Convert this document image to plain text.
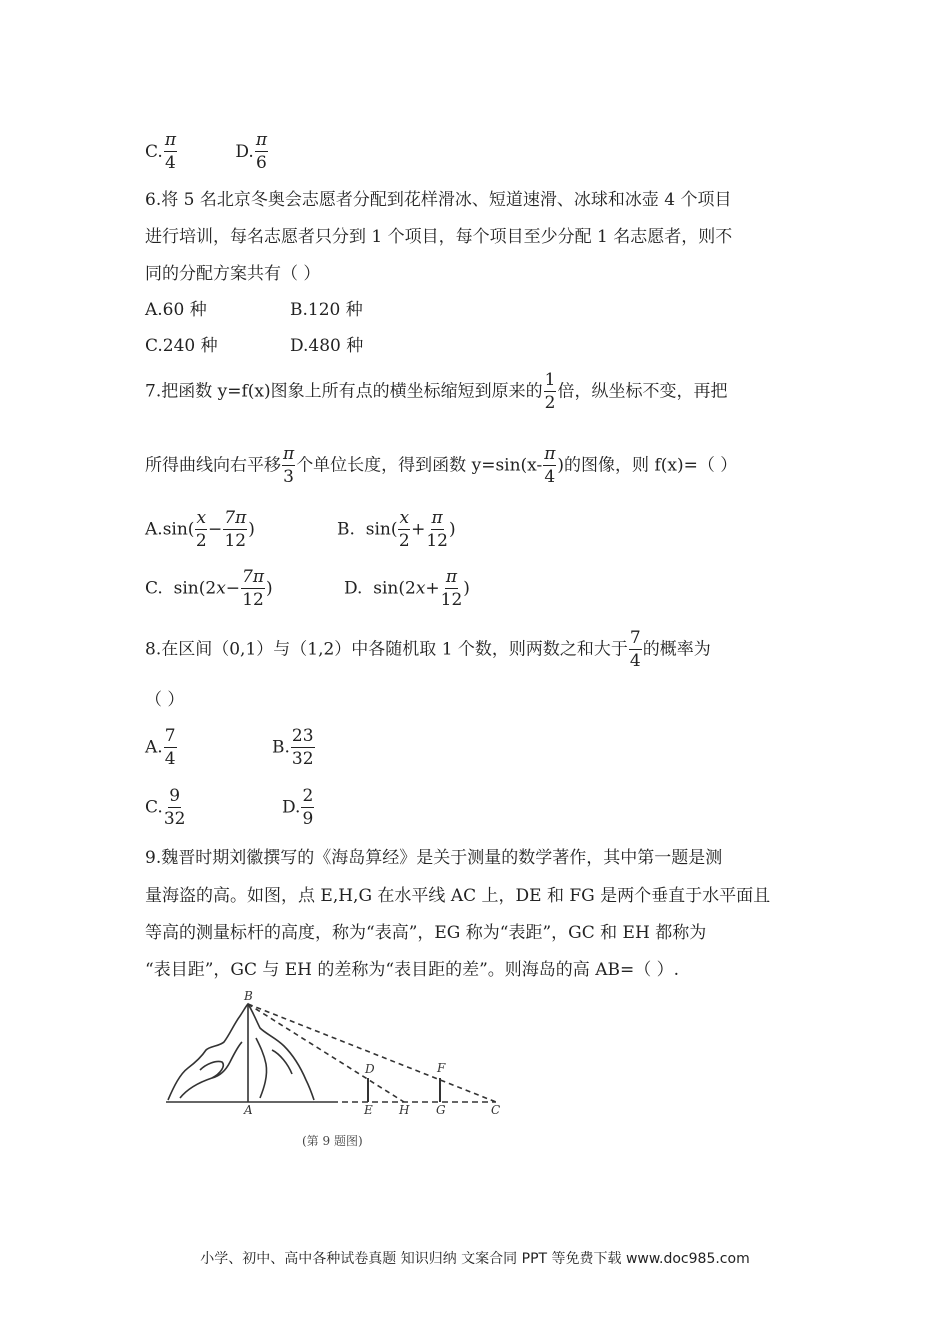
C. $\frac{\pi}{4}$	D. $\frac{\pi}{6}$
6.将 5 名北京冬奥会志愿者分配到花样滑冰、短道速滑、冰球和冰壶 4 个项目
进行培训，每名志愿者只分到 1 个项目，每个项目至少分配 1 名志愿者，则不
同的分配方案共有（ ）
A.60 种	B.120 种
C.240 种	D.480 种
7.把函数 y=f(x)图象上所有点的横坐标缩短到原来的 $\frac{1}{2}$ 倍，纵坐标不变，再把
所得曲线向右平移 $\frac{\pi}{3}$ 个单位长度，得到函数 $y=\sin(x- \frac{\pi}{4}$ )的图像，则 f(x)=（ ）
$A.\sin( \frac{x}{2} - \frac{7\pi}{12}$ )	B. $\sin( \frac{x}{2} + \frac{\pi}{12}$ )
C. $\sin(2x- \frac{7\pi}{12}$ )	D. $\sin(2x+ \frac{\pi}{12}$ )
8.在区间（0,1）与（1,2）中各随机取 1 个数，则两数之和大于 $\frac{7}{4}$ 的概率为
（ ）
A. $\frac{7}{4}$	B. $\frac{23}{32}$
C. $\frac{9}{32}$	D. $\frac{2}{9}$
9.魏晋时期刘徽撰写的《海岛算经》是关于测量的数学著作，其中第一题是测
量海盗的高。如图，点 E,H,G 在水平线 AC 上，DE 和 FG 是两个垂直于水平面且
等高的测量标杆的高度，称为“表高”，EG 称为“表距”，GC 和 EH 都称为
“表目距”，GC 与 EH 的差称为“表目距的差”。则海岛的高 AB=（ ）.
B
A
D	F
E H G	C
(第 9 题图)
小学、初中、高中各种试卷真题 知识归纳 文案合同 PPT 等免费下载 www.doc985.com
